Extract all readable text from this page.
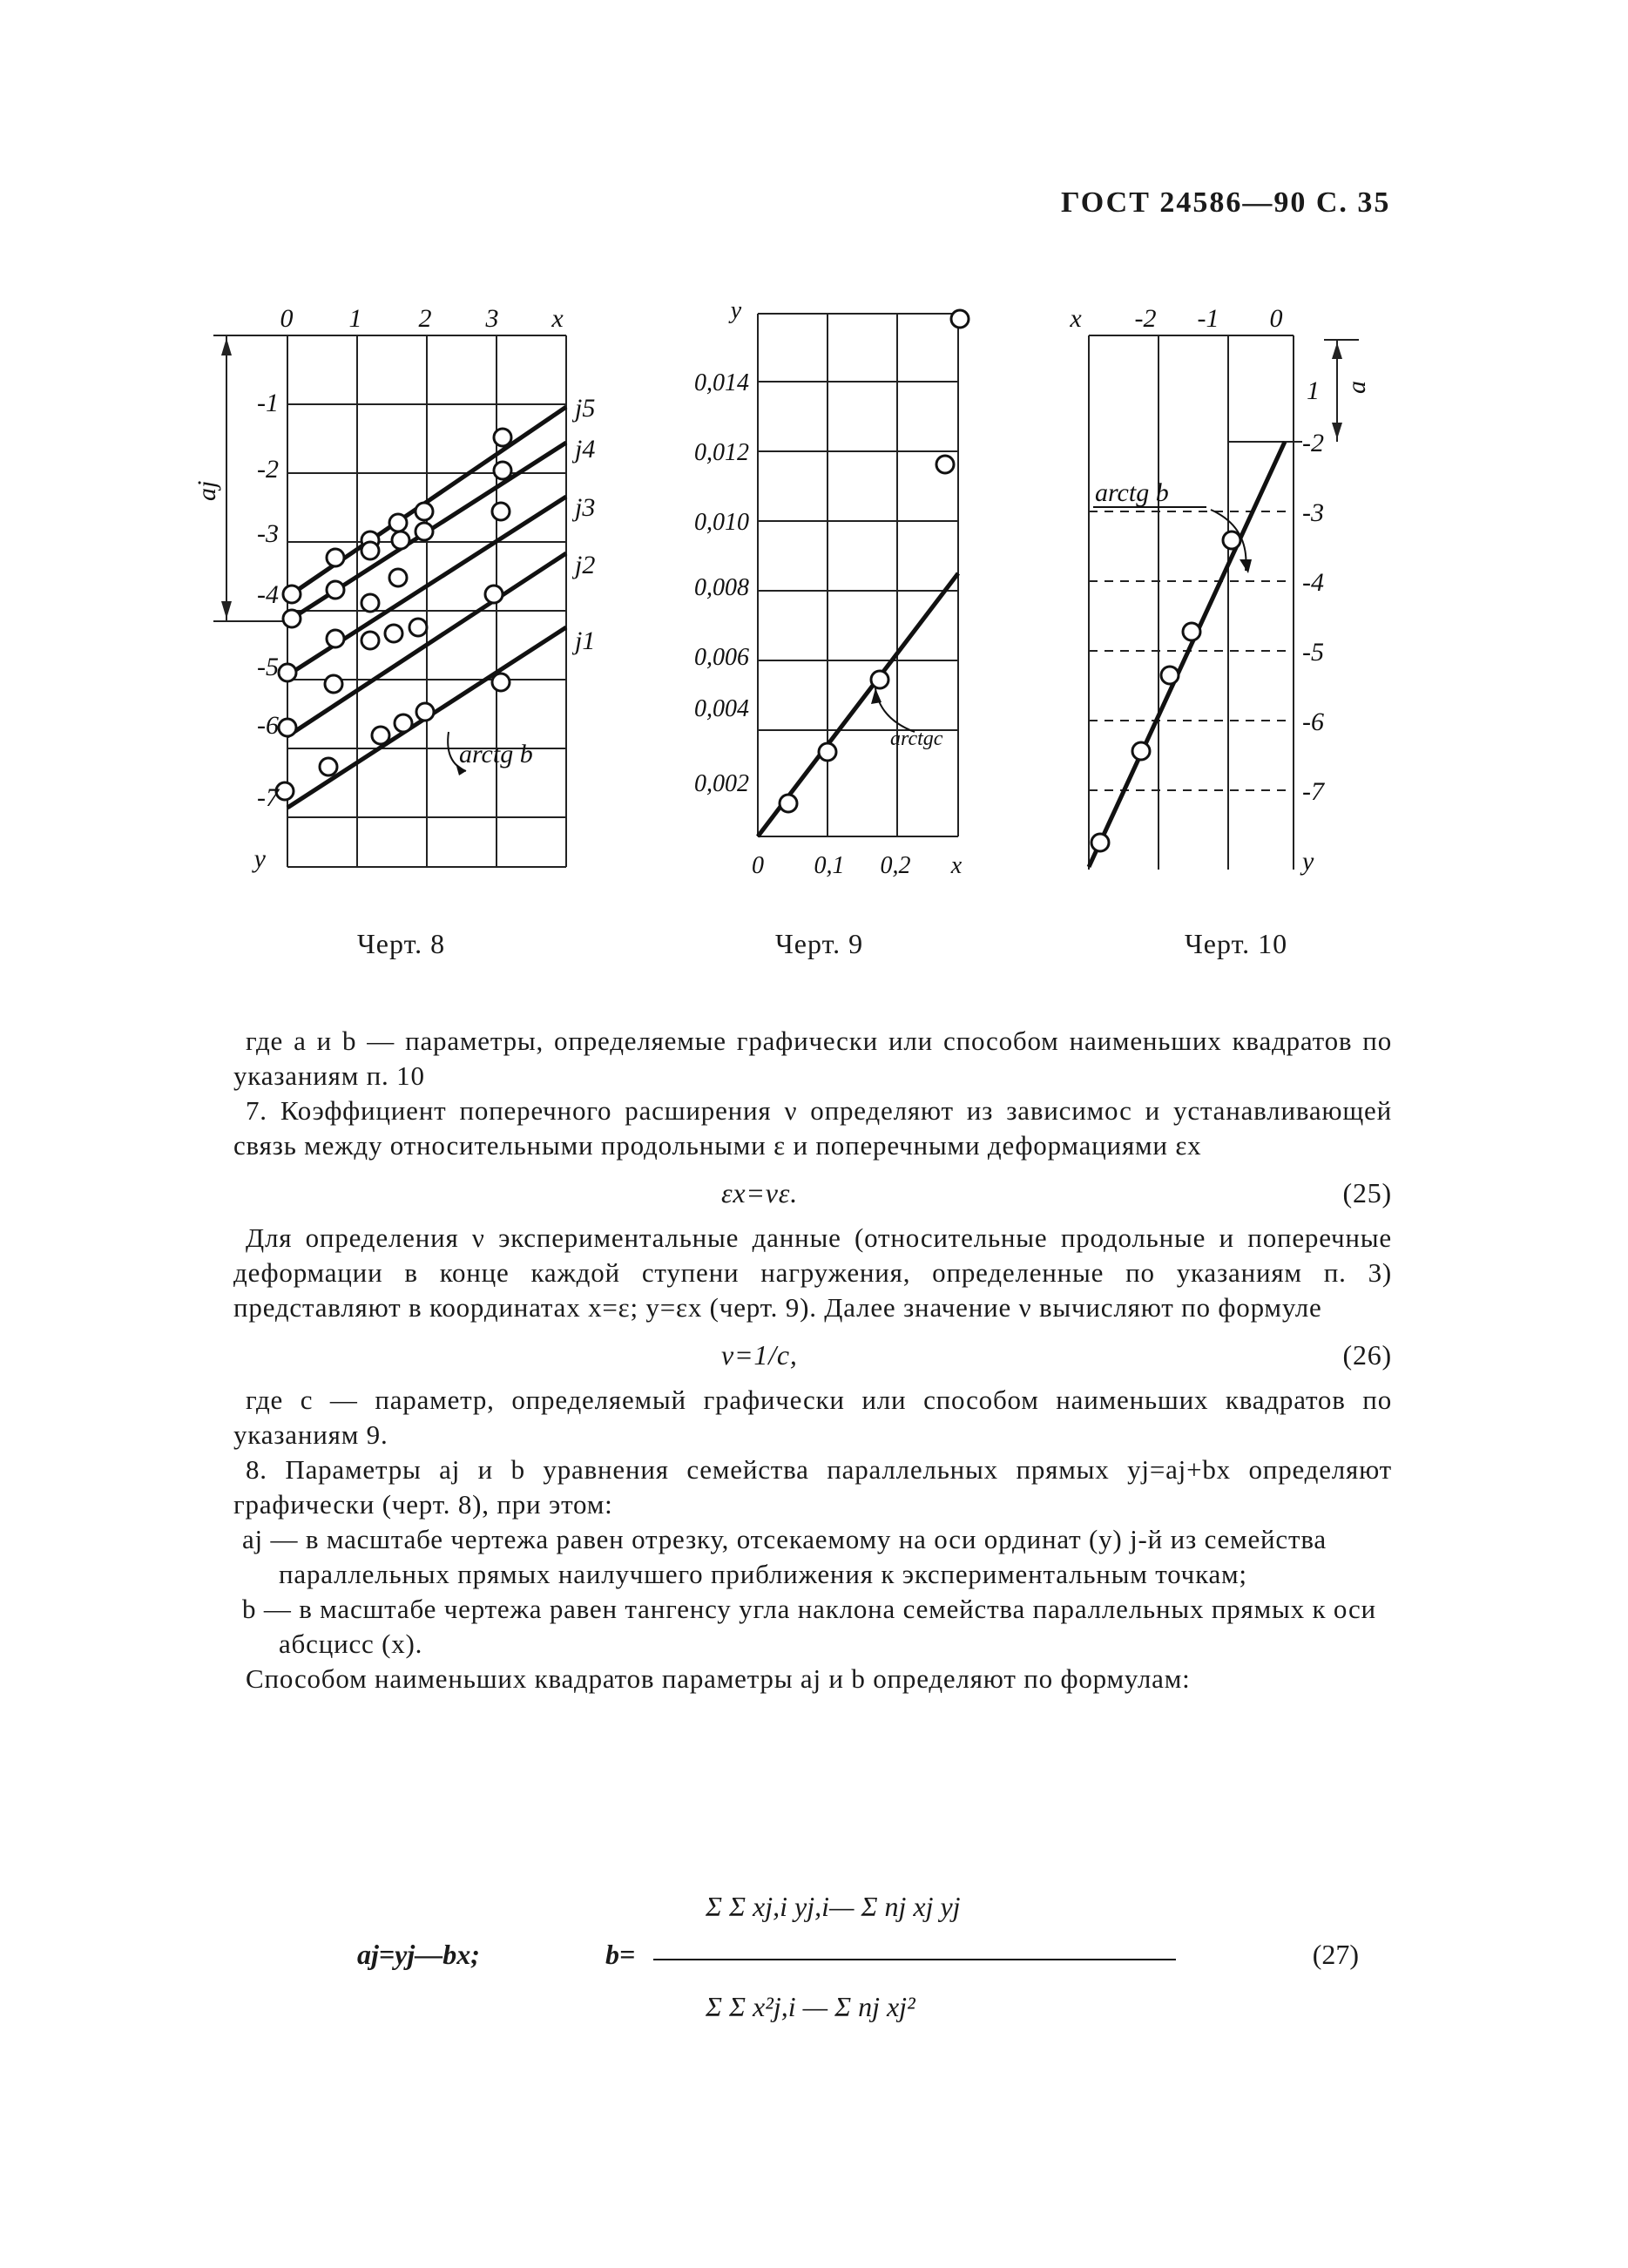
ГОСТ 24586—90 С. 35
0 1 2 3 x
-1
-2
-3
-4
-5
-6
-7
y
j5
j4
j3
j2
j1
aj
arctg b
y
0,014
0,012
0,010
0,008
0,006
0,004
0,002
0 0,1 0,2 x
arctgc
x -2 -1 0
-2
-3
-4
-5
-6
-7
y
1 a
arctg b
Черт. 8	Черт. 9	Черт. 10

где a и b — параметры, определяемые графически или способом наименьших квадратов по указаниям п. 10

7. Коэффициент поперечного расширения ν определяют из зависимос и устанавливающей связь между относительными продольными ε и поперечными деформациями εx

εx=νε.	(25)

Для определения ν экспериментальные данные (относительные продольные и поперечные деформации в конце каждой ступени нагружения, определенные по указаниям п. 3) представляют в координатах x=ε; y=εx (черт. 9). Далее значение ν вычисляют по формуле

ν=1/c,	(26)

где c — параметр, определяемый графически или способом наименьших квадратов по указаниям 9.

8. Параметры aj и b уравнения семейства параллельных прямых yj=aj+bx определяют графически (черт. 8), при этом:

aj — в масштабе чертежа равен отрезку, отсекаемому на оси ординат (y) j-й из семейства параллельных прямых наилучшего приближения к экспериментальным точкам;

b — в масштабе чертежа равен тангенсу угла наклона семейства параллельных прямых к оси абсцисс (x).

Способом наименьших квадратов параметры aj и b определяют по формулам:

aj=yj—bx;	b=
Σ Σ xj,i yj,i— Σ nj xj yj
Σ Σ x²j,i — Σ nj xj²
(27)
